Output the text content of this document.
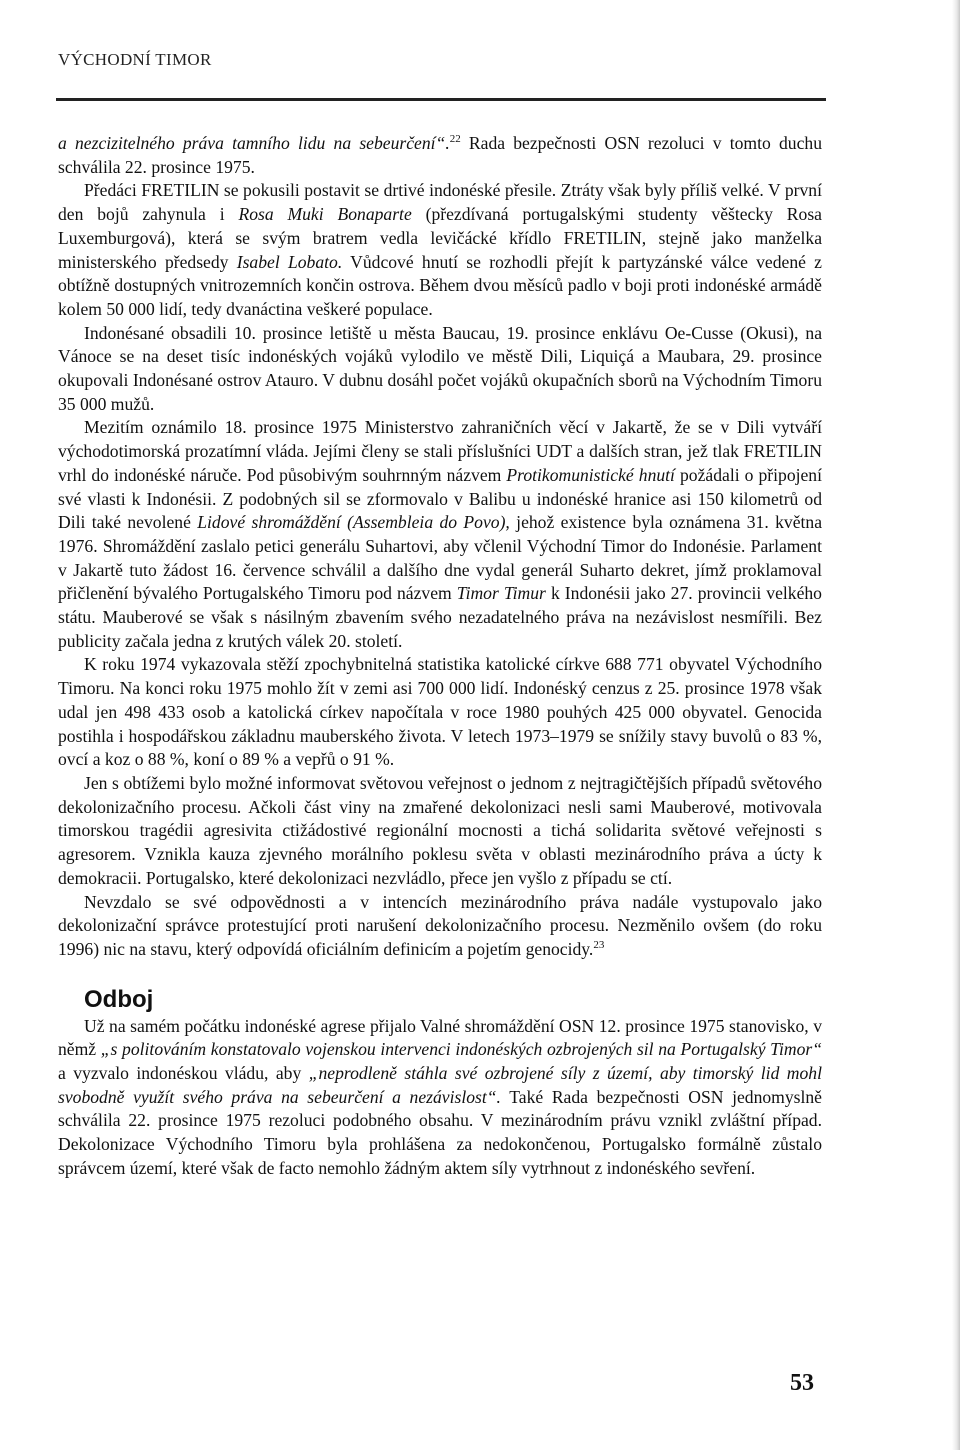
VÝCHODNÍ TIMOR

a nezcizitelného práva tamního lidu na sebeurčení“.$^{22}$ Rada bezpečnosti OSN rezoluci v tomto duchu schválila 22. prosince 1975.

Předáci FRETILIN se pokusili postavit se drtivé indonéské přesile. Ztráty však byly příliš velké. V první den bojů zahynula i Rosa Muki Bonaparte (přezdívaná portugalskými studenty věštecky Rosa Luxemburgová), která se svým bratrem vedla levičácké křídlo FRETILIN, stejně jako manželka ministerského předsedy Isabel Lobato. Vůdcové hnutí se rozhodli přejít k partyzánské válce vedené z obtížně dostupných vnitrozemních končin ostrova. Během dvou měsíců padlo v boji proti indonéské armádě kolem 50 000 lidí, tedy dvanáctina veškeré populace.

Indonésané obsadili 10. prosince letiště u města Baucau, 19. prosince enklávu Oe-Cusse (Okusi), na Vánoce se na deset tisíc indonéských vojáků vylodilo ve městě Dili, Liquiçá a Maubara, 29. prosince okupovali Indonésané ostrov Atauro. V dubnu dosáhl počet vojáků okupačních sborů na Východním Timoru 35 000 mužů.

Mezitím oznámilo 18. prosince 1975 Ministerstvo zahraničních věcí v Jakartě, že se v Dili vytváří východotimorská prozatímní vláda. Jejími členy se stali příslušníci UDT a dalších stran, jež tlak FRETILIN vrhl do indonéské náruče. Pod působivým souhrnným názvem Protikomunistické hnutí požádali o připojení své vlasti k Indonésii. Z podobných sil se zformovalo v Balibu u indonéské hranice asi 150 kilometrů od Dili také nevolené Lidové shromáždění (Assembleia do Povo), jehož existence byla oznámena 31. května 1976. Shromáždění zaslalo petici generálu Suhartovi, aby včlenil Východní Timor do Indonésie. Parlament v Jakartě tuto žádost 16. července schválil a dalšího dne vydal generál Suharto dekret, jímž proklamoval přičlenění bývalého Portugalského Timoru pod názvem Timor Timur k Indonésii jako 27. provincii velkého státu. Mauberové se však s násilným zbavením svého nezadatelného práva na nezávislost nesmířili. Bez publicity začala jedna z krutých válek 20. století.

K roku 1974 vykazovala stěží zpochybnitelná statistika katolické církve 688 771 obyvatel Východního Timoru. Na konci roku 1975 mohlo žít v zemi asi 700 000 lidí. Indonéský cenzus z 25. prosince 1978 však udal jen 498 433 osob a katolická církev napočítala v roce 1980 pouhých 425 000 obyvatel. Genocida postihla i hospodářskou základnu mauberského života. V letech 1973–1979 se snížily stavy buvolů o 83 %, ovcí a koz o 88 %, koní o 89 % a vepřů o 91 %.

Jen s obtížemi bylo možné informovat světovou veřejnost o jednom z nejtragičtějších případů světového dekolonizačního procesu. Ačkoli část viny na zmařené dekolonizaci nesli sami Mauberové, motivovala timorskou tragédii agresivita ctižádostivé regionální mocnosti a tichá solidarita světové veřejnosti s agresorem. Vznikla kauza zjevného morálního poklesu světa v oblasti mezinárodního práva a úcty k demokracii. Portugalsko, které dekolonizaci nezvládlo, přece jen vyšlo z případu se ctí.

Nevzdalo se své odpovědnosti a v intencích mezinárodního práva nadále vystupovalo jako dekolonizační správce protestující proti narušení dekolonizačního procesu. Nezměnilo ovšem (do roku 1996) nic na stavu, který odpovídá oficiálním definicím a pojetím genocidy.$^{23}$

Odboj

Už na samém počátku indonéské agrese přijalo Valné shromáždění OSN 12. prosince 1975 stanovisko, v němž „s politováním konstatovalo vojenskou intervenci indonéských ozbrojených sil na Portugalský Timor“ a vyzvalo indonéskou vládu, aby „neprodleně stáhla své ozbrojené síly z území, aby timorský lid mohl svobodně využít svého práva na sebeurčení a nezávislost“. Také Rada bezpečnosti OSN jednomyslně schválila 22. prosince 1975 rezoluci podobného obsahu. V mezinárodním právu vznikl zvláštní případ. Dekolonizace Východního Timoru byla prohlášena za nedokončenou, Portugalsko formálně zůstalo správcem území, které však de facto nemohlo žádným aktem síly vytrhnout z indonéského sevření.

53
